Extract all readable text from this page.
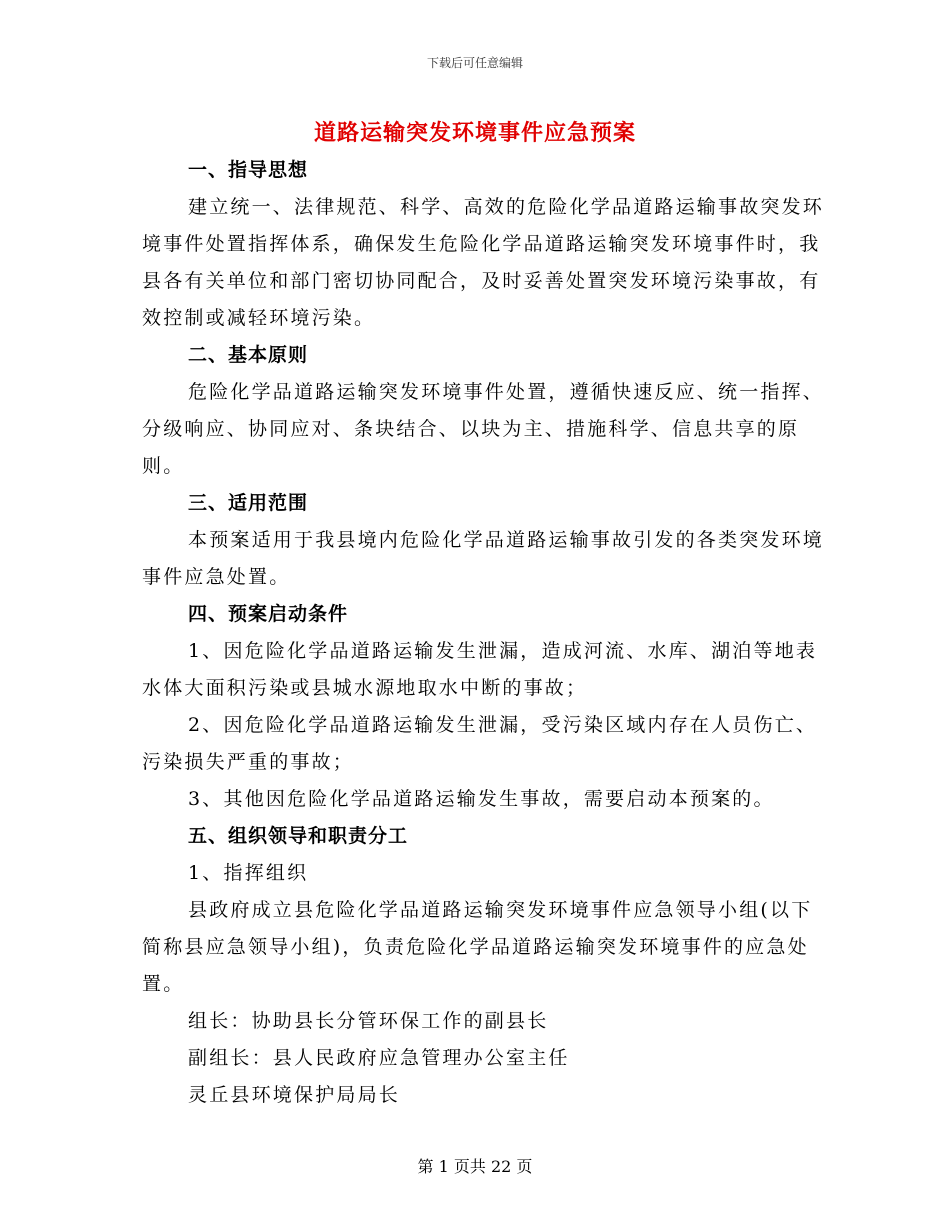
下载后可任意编辑
道路运输突发环境事件应急预案

一、指导思想

建立统一、法律规范、科学、高效的危险化学品道路运输事故突发环境事件处置指挥体系，确保发生危险化学品道路运输突发环境事件时，我县各有关单位和部门密切协同配合，及时妥善处置突发环境污染事故，有效控制或减轻环境污染。

二、基本原则

危险化学品道路运输突发环境事件处置，遵循快速反应、统一指挥、分级响应、协同应对、条块结合、以块为主、措施科学、信息共享的原则。

三、适用范围

本预案适用于我县境内危险化学品道路运输事故引发的各类突发环境事件应急处置。

四、预案启动条件

1、因危险化学品道路运输发生泄漏，造成河流、水库、湖泊等地表水体大面积污染或县城水源地取水中断的事故；

2、因危险化学品道路运输发生泄漏，受污染区域内存在人员伤亡、污染损失严重的事故；

3、其他因危险化学品道路运输发生事故，需要启动本预案的。

五、组织领导和职责分工

1、指挥组织

县政府成立县危险化学品道路运输突发环境事件应急领导小组(以下简称县应急领导小组)，负责危险化学品道路运输突发环境事件的应急处置。

组长：协助县长分管环保工作的副县长

副组长：县人民政府应急管理办公室主任

灵丘县环境保护局局长

第 1 页共 22 页
